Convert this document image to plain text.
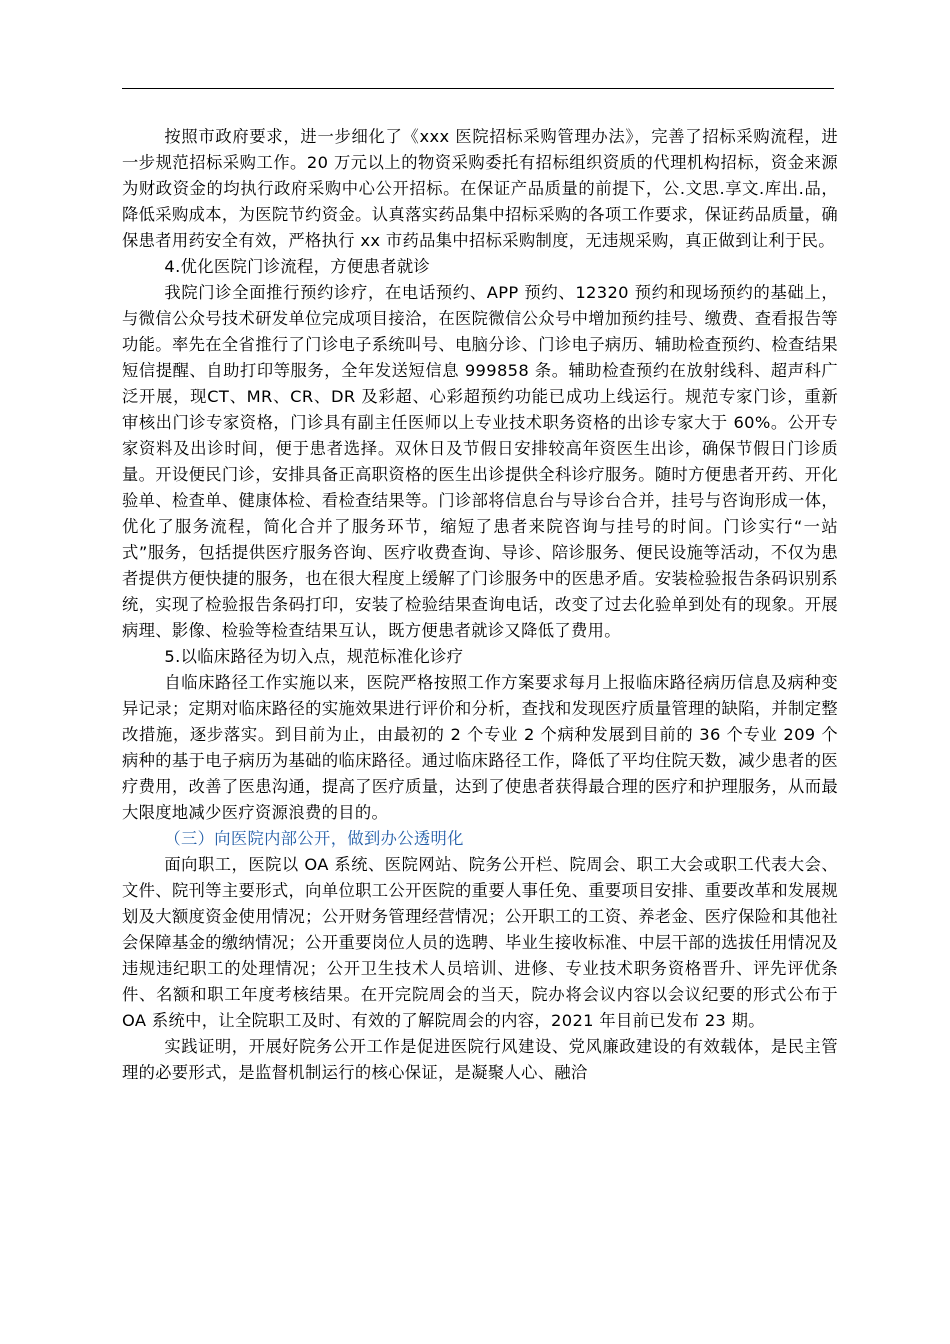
按照市政府要求，进一步细化了《xxx 医院招标采购管理办法》，完善了招标采购流程，进一步规范招标采购工作。20 万元以上的物资采购委托有招标组织资质的代理机构招标，资金来源为财政资金的均执行政府采购中心公开招标。在保证产品质量的前提下，公.文思.享文.库出.品，降低采购成本，为医院节约资金。认真落实药品集中招标采购的各项工作要求，保证药品质量，确保患者用药安全有效，严格执行 xx 市药品集中招标采购制度，无违规采购，真正做到让利于民。

4.优化医院门诊流程，方便患者就诊

我院门诊全面推行预约诊疗，在电话预约、APP 预约、12320 预约和现场预约的基础上，与微信公众号技术研发单位完成项目接洽，在医院微信公众号中增加预约挂号、缴费、查看报告等功能。率先在全省推行了门诊电子系统叫号、电脑分诊、门诊电子病历、辅助检查预约、检查结果短信提醒、自助打印等服务，全年发送短信息 999858 条。辅助检查预约在放射线科、超声科广泛开展，现CT、MR、CR、DR 及彩超、心彩超预约功能已成功上线运行。规范专家门诊，重新审核出门诊专家资格，门诊具有副主任医师以上专业技术职务资格的出诊专家大于 60%。公开专家资料及出诊时间，便于患者选择。双休日及节假日安排较高年资医生出诊，确保节假日门诊质量。开设便民门诊，安排具备正高职资格的医生出诊提供全科诊疗服务。随时方便患者开药、开化验单、检查单、健康体检、看检查结果等。门诊部将信息台与导诊台合并，挂号与咨询形成一体，优化了服务流程，简化合并了服务环节，缩短了患者来院咨询与挂号的时间。门诊实行“一站式”服务，包括提供医疗服务咨询、医疗收费查询、导诊、陪诊服务、便民设施等活动，不仅为患者提供方便快捷的服务，也在很大程度上缓解了门诊服务中的医患矛盾。安装检验报告条码识别系统，实现了检验报告条码打印，安装了检验结果查询电话，改变了过去化验单到处有的现象。开展病理、影像、检验等检查结果互认，既方便患者就诊又降低了费用。

5.以临床路径为切入点，规范标准化诊疗

自临床路径工作实施以来，医院严格按照工作方案要求每月上报临床路径病历信息及病种变异记录；定期对临床路径的实施效果进行评价和分析，查找和发现医疗质量管理的缺陷，并制定整改措施，逐步落实。到目前为止，由最初的 2 个专业 2 个病种发展到目前的 36 个专业 209 个病种的基于电子病历为基础的临床路径。通过临床路径工作，降低了平均住院天数，减少患者的医疗费用，改善了医患沟通，提高了医疗质量，达到了使患者获得最合理的医疗和护理服务，从而最大限度地减少医疗资源浪费的目的。

（三）向医院内部公开，做到办公透明化

面向职工，医院以 OA 系统、医院网站、院务公开栏、院周会、职工大会或职工代表大会、文件、院刊等主要形式，向单位职工公开医院的重要人事任免、重要项目安排、重要改革和发展规划及大额度资金使用情况；公开财务管理经营情况；公开职工的工资、养老金、医疗保险和其他社会保障基金的缴纳情况；公开重要岗位人员的选聘、毕业生接收标准、中层干部的选拔任用情况及违规违纪职工的处理情况；公开卫生技术人员培训、进修、专业技术职务资格晋升、评先评优条件、名额和职工年度考核结果。在开完院周会的当天，院办将会议内容以会议纪要的形式公布于 OA 系统中，让全院职工及时、有效的了解院周会的内容，2021 年目前已发布 23 期。

实践证明，开展好院务公开工作是促进医院行风建设、党风廉政建设的有效载体，是民主管理的必要形式，是监督机制运行的核心保证，是凝聚人心、融洽
